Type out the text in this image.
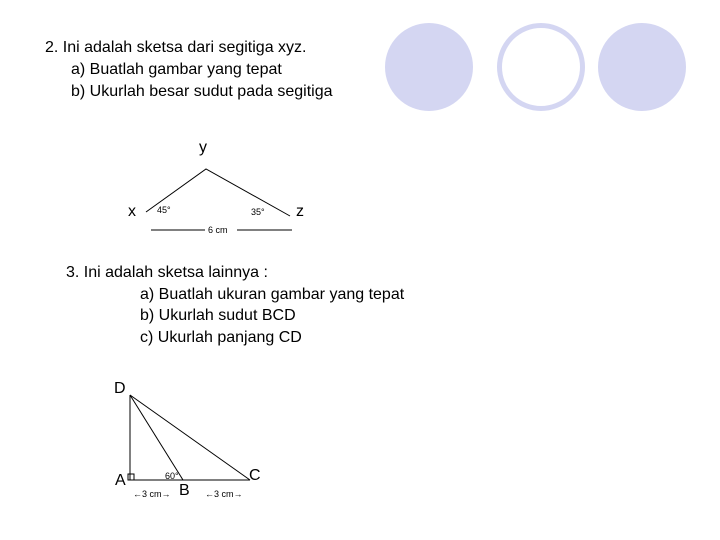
2. Ini adalah sketsa dari segitiga xyz.
a) Buatlah gambar yang tepat
b) Ukurlah besar sudut pada segitiga
y
x	z
45°	35°
6 cm
3. Ini adalah sketsa lainnya :
a) Buatlah ukuran gambar yang tepat
b) Ukurlah sudut BCD
c) Ukurlah panjang CD
D
A
B
C
60°
←3 cm→	←3 cm→
